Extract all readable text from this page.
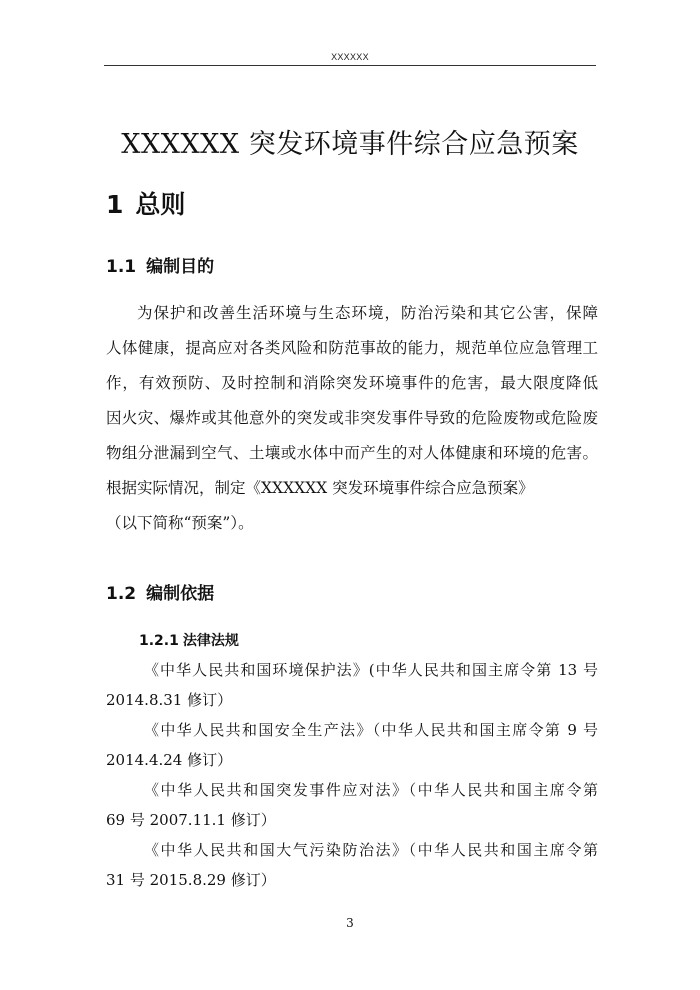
XXXXXX
XXXXXX 突发环境事件综合应急预案
1 总则
1.1 编制目的
为保护和改善生活环境与生态环境，防治污染和其它公害，保障
人体健康，提高应对各类风险和防范事故的能力，规范单位应急管理工
作，有效预防、及时控制和消除突发环境事件的危害，最大限度降低
因火灾、爆炸或其他意外的突发或非突发事件导致的危险废物或危险废
物组分泄漏到空气、土壤或水体中而产生的对人体健康和环境的危害。
根据实际情况，制定《XXXXXX 突发环境事件综合应急预案》
（以下简称“预案”）。
1.2 编制依据
1.2.1 法律法规
《中华人民共和国环境保护法》(中华人民共和国主席令第 13 号
2014.8.31 修订）
《中华人民共和国安全生产法》（中华人民共和国主席令第 9 号
2014.4.24 修订）
《中华人民共和国突发事件应对法》（中华人民共和国主席令第
69 号 2007.11.1 修订）
《中华人民共和国大气污染防治法》（中华人民共和国主席令第
31 号 2015.8.29 修订）
3
